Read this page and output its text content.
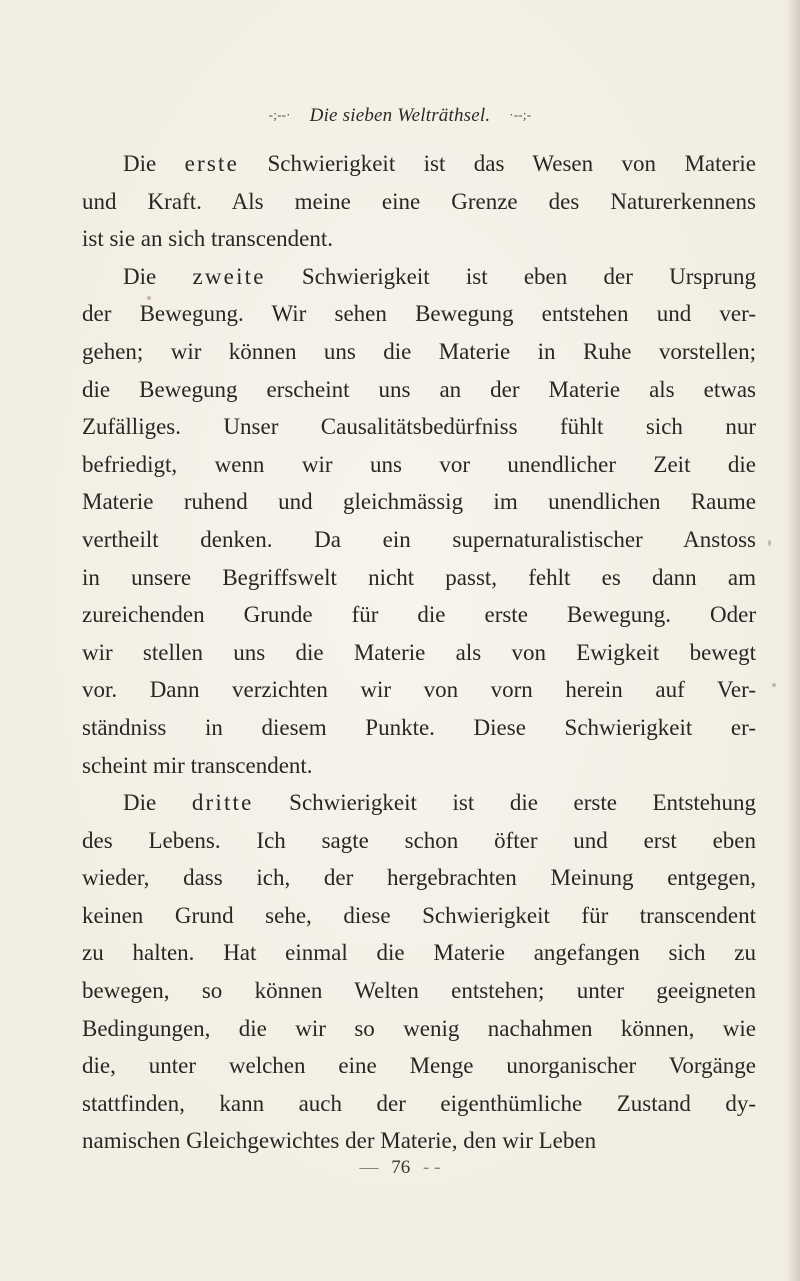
-;--· Die sieben Welträthsel. ·--;-
Die erste Schwierigkeit ist das Wesen von Materie
und Kraft. Als meine eine Grenze des Naturerkennens
ist sie an sich transcendent.
Die zweite Schwierigkeit ist eben der Ursprung
der Bewegung. Wir sehen Bewegung entstehen und ver-
gehen; wir können uns die Materie in Ruhe vorstellen;
die Bewegung erscheint uns an der Materie als etwas
Zufälliges. Unser Causalitätsbedürfniss fühlt sich nur
befriedigt, wenn wir uns vor unendlicher Zeit die
Materie ruhend und gleichmässig im unendlichen Raume
vertheilt denken. Da ein supernaturalistischer Anstoss
in unsere Begriffswelt nicht passt, fehlt es dann am
zureichenden Grunde für die erste Bewegung. Oder
wir stellen uns die Materie als von Ewigkeit bewegt
vor. Dann verzichten wir von vorn herein auf Ver-
ständniss in diesem Punkte. Diese Schwierigkeit er-
scheint mir transcendent.
Die dritte Schwierigkeit ist die erste Entstehung
des Lebens. Ich sagte schon öfter und erst eben
wieder, dass ich, der hergebrachten Meinung entgegen,
keinen Grund sehe, diese Schwierigkeit für transcendent
zu halten. Hat einmal die Materie angefangen sich zu
bewegen, so können Welten entstehen; unter geeigneten
Bedingungen, die wir so wenig nachahmen können, wie
die, unter welchen eine Menge unorganischer Vorgänge
stattfinden, kann auch der eigenthümliche Zustand dy-
namischen Gleichgewichtes der Materie, den wir Leben
— 76 - -
